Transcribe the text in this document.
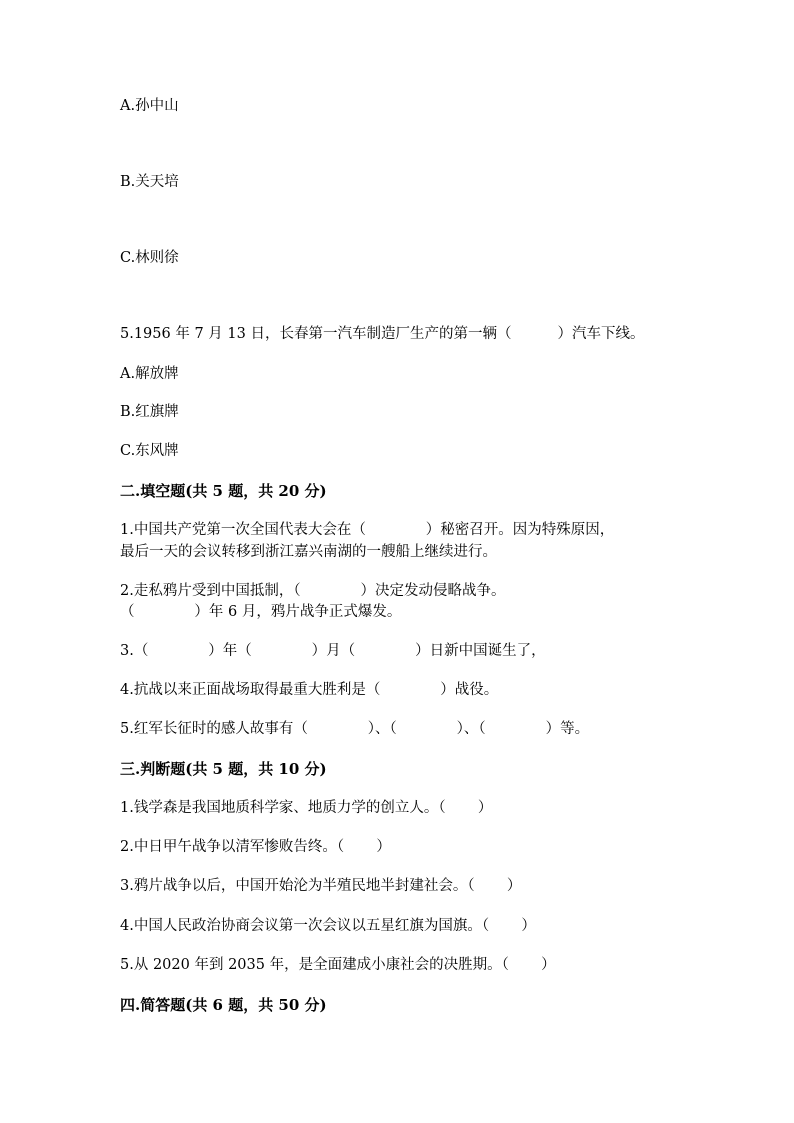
A.孙中山
B.关天培
C.林则徐
5.1956 年 7 月 13 日，长春第一汽车制造厂生产的第一辆（          ）汽车下线。
A.解放牌
B.红旗牌
C.东风牌
二.填空题(共 5 题，共 20 分)
1.中国共产党第一次全国代表大会在（             ）秘密召开。因为特殊原因，
最后一天的会议转移到浙江嘉兴南湖的一艘船上继续进行。
2.走私鸦片受到中国抵制，（             ）决定发动侵略战争。
（             ）年 6 月，鸦片战争正式爆发。
3.（             ）年（             ）月（             ）日新中国诞生了，
4.抗战以来正面战场取得最重大胜利是（             ）战役。
5.红军长征时的感人故事有（             ）、（             ）、（             ）等。
三.判断题(共 5 题，共 10 分)
1.钱学森是我国地质科学家、地质力学的创立人。（       ）
2.中日甲午战争以清军惨败告终。（       ）
3.鸦片战争以后，中国开始沦为半殖民地半封建社会。（       ）
4.中国人民政治协商会议第一次会议以五星红旗为国旗。（       ）
5.从 2020 年到 2035 年，是全面建成小康社会的决胜期。（       ）
四.简答题(共 6 题，共 50 分)
